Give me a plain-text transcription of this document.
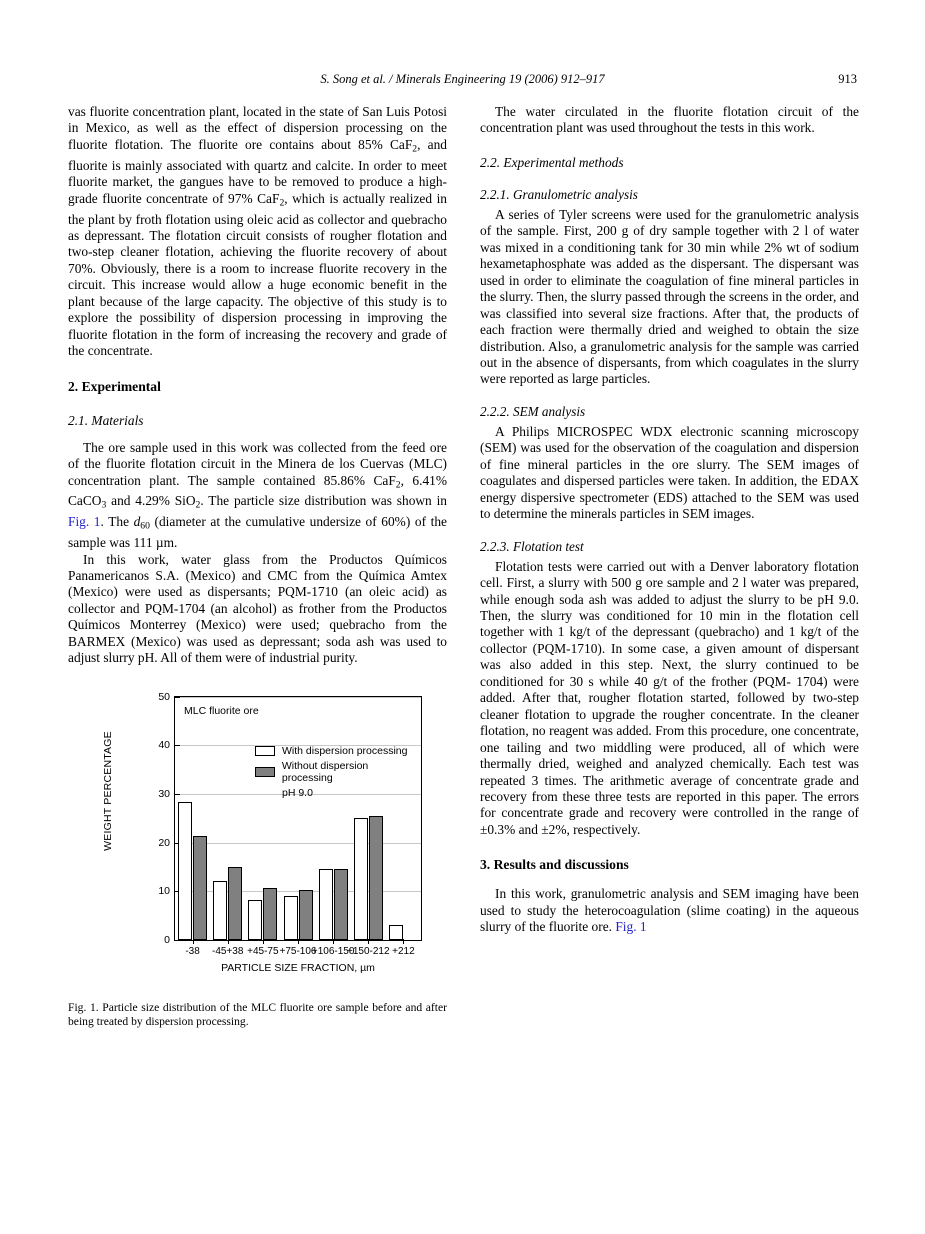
S. Song et al. / Minerals Engineering 19 (2006) 912–917	913

vas fluorite concentration plant, located in the state of San Luis Potosi in Mexico, as well as the effect of dispersion processing on the fluorite flotation. The fluorite ore contains about 85% CaF$_2$, and fluorite is mainly associated with quartz and calcite. In order to meet fluorite market, the gangues have to be removed to produce a high-grade fluorite concentrate of 97% CaF$_2$, which is actually realized in the plant by froth flotation using oleic acid as collector and quebracho as depressant. The flotation circuit consists of rougher flotation and two-step cleaner flotation, achieving the fluorite recovery of about 70%. Obviously, there is a room to increase fluorite recovery in the circuit. This increase would allow a huge economic benefit in the plant because of the large capacity. The objective of this study is to explore the possibility of dispersion processing in improving the fluorite flotation in the form of increasing the recovery and grade of the concentrate.

2. Experimental
2.1. Materials

The ore sample used in this work was collected from the feed ore of the fluorite flotation circuit in the Minera de los Cuervas (MLC) concentration plant. The sample contained 85.86% CaF$_2$, 6.41% CaCO$_3$ and 4.29% SiO$_2$. The particle size distribution was shown in Fig. 1. The $d_{60}$ (diameter at the cumulative undersize of 60%) of the sample was 111 µm.

In this work, water glass from the Productos Químicos Panamericanos S.A. (Mexico) and CMC from the Química Amtex (Mexico) were used as dispersants; PQM-1710 (an oleic acid) as collector and PQM-1704 (an alcohol) as frother from the Productos Químicos Monterrey (Mexico) were used; quebracho from the BARMEX (Mexico) was used as depressant; soda ash was used to adjust slurry pH. All of them were of industrial purity.

0
10
20
30
40
50
-38 -45+38 +45-75 +75-106
+106-150
+150-212 +212
MLC fluorite ore
With dispersion processing
Without dispersion processing
pH 9.0
WEIGHT PERCENTAGE
PARTICLE SIZE FRACTION, µm
Fig. 1. Particle size distribution of the MLC fluorite ore sample before and after being treated by dispersion processing.

The water circulated in the fluorite flotation circuit of the concentration plant was used throughout the tests in this work.

2.2. Experimental methods
2.2.1. Granulometric analysis

A series of Tyler screens were used for the granulometric analysis of the sample. First, 200 g of dry sample together with 2 l of water was mixed in a conditioning tank for 30 min while 2% wt of sodium hexametaphosphate was added as the dispersant. The dispersant was used in order to eliminate the coagulation of fine mineral particles in the slurry. Then, the slurry passed through the screens in the order, and was classified into several size fractions. After that, the products of each fraction were thermally dried and weighed to obtain the size distribution. Also, a granulometric analysis for the sample was carried out in the absence of dispersants, from which coagulates in the slurry were reported as large particles.

2.2.2. SEM analysis

A Philips MICROSPEC WDX electronic scanning microscopy (SEM) was used for the observation of the coagulation and dispersion of fine mineral particles in the ore slurry. The SEM images of coagulates and dispersed particles were taken. In addition, the EDAX energy dispersive spectrometer (EDS) attached to the SEM was used to determine the minerals particles in SEM images.

2.2.3. Flotation test

Flotation tests were carried out with a Denver laboratory flotation cell. First, a slurry with 500 g ore sample and 2 l water was prepared, while enough soda ash was added to adjust the slurry to be pH 9.0. Then, the slurry was conditioned for 10 min in the flotation cell together with 1 kg/t of the depressant (quebracho) and 1 kg/t of the collector (PQM-1710). In some case, a given amount of dispersant was also added in this step. Next, the slurry continued to be conditioned for 30 s while 40 g/t of the frother (PQM- 1704) were added. After that, rougher flotation started, followed by two-step cleaner flotation to upgrade the rougher concentrate. In the cleaner flotation, no reagent was added. From this procedure, one concentrate, one tailing and two middling were produced, all of which were thermally dried, weighed and analyzed chemically. Each test was repeated 3 times. The arithmetic average of concentrate grade and recovery from these three tests are reported in this paper. The errors for concentrate grade and recovery were controlled in the range of ±0.3% and ±2%, respectively.

3. Results and discussions

In this work, granulometric analysis and SEM imaging have been used to study the heterocoagulation (slime coating) in the aqueous slurry of the fluorite ore. Fig. 1
